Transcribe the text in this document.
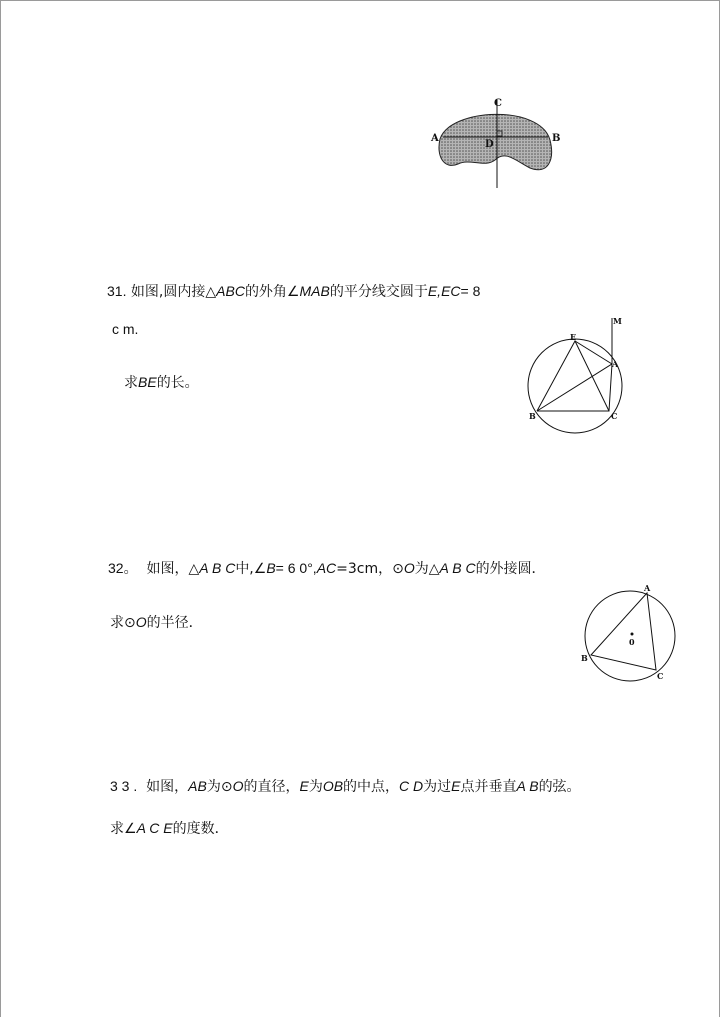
C
A	B
D
31. 如图,圆内接△ABC的外角∠MAB的平分线交圆于E,EC= 8
c m.
求BE的长。
M
E
A
B	C
32。 如图，△A B C中,∠B= 6 0°,AC=3cm，⊙O为△A B C的外接圆．
求⊙O的半径．
A
B
C
0
3 3 . 如图，AB为⊙O的直径，E为OB的中点，C D为过E点并垂直A B的弦。
求∠A C E的度数．
